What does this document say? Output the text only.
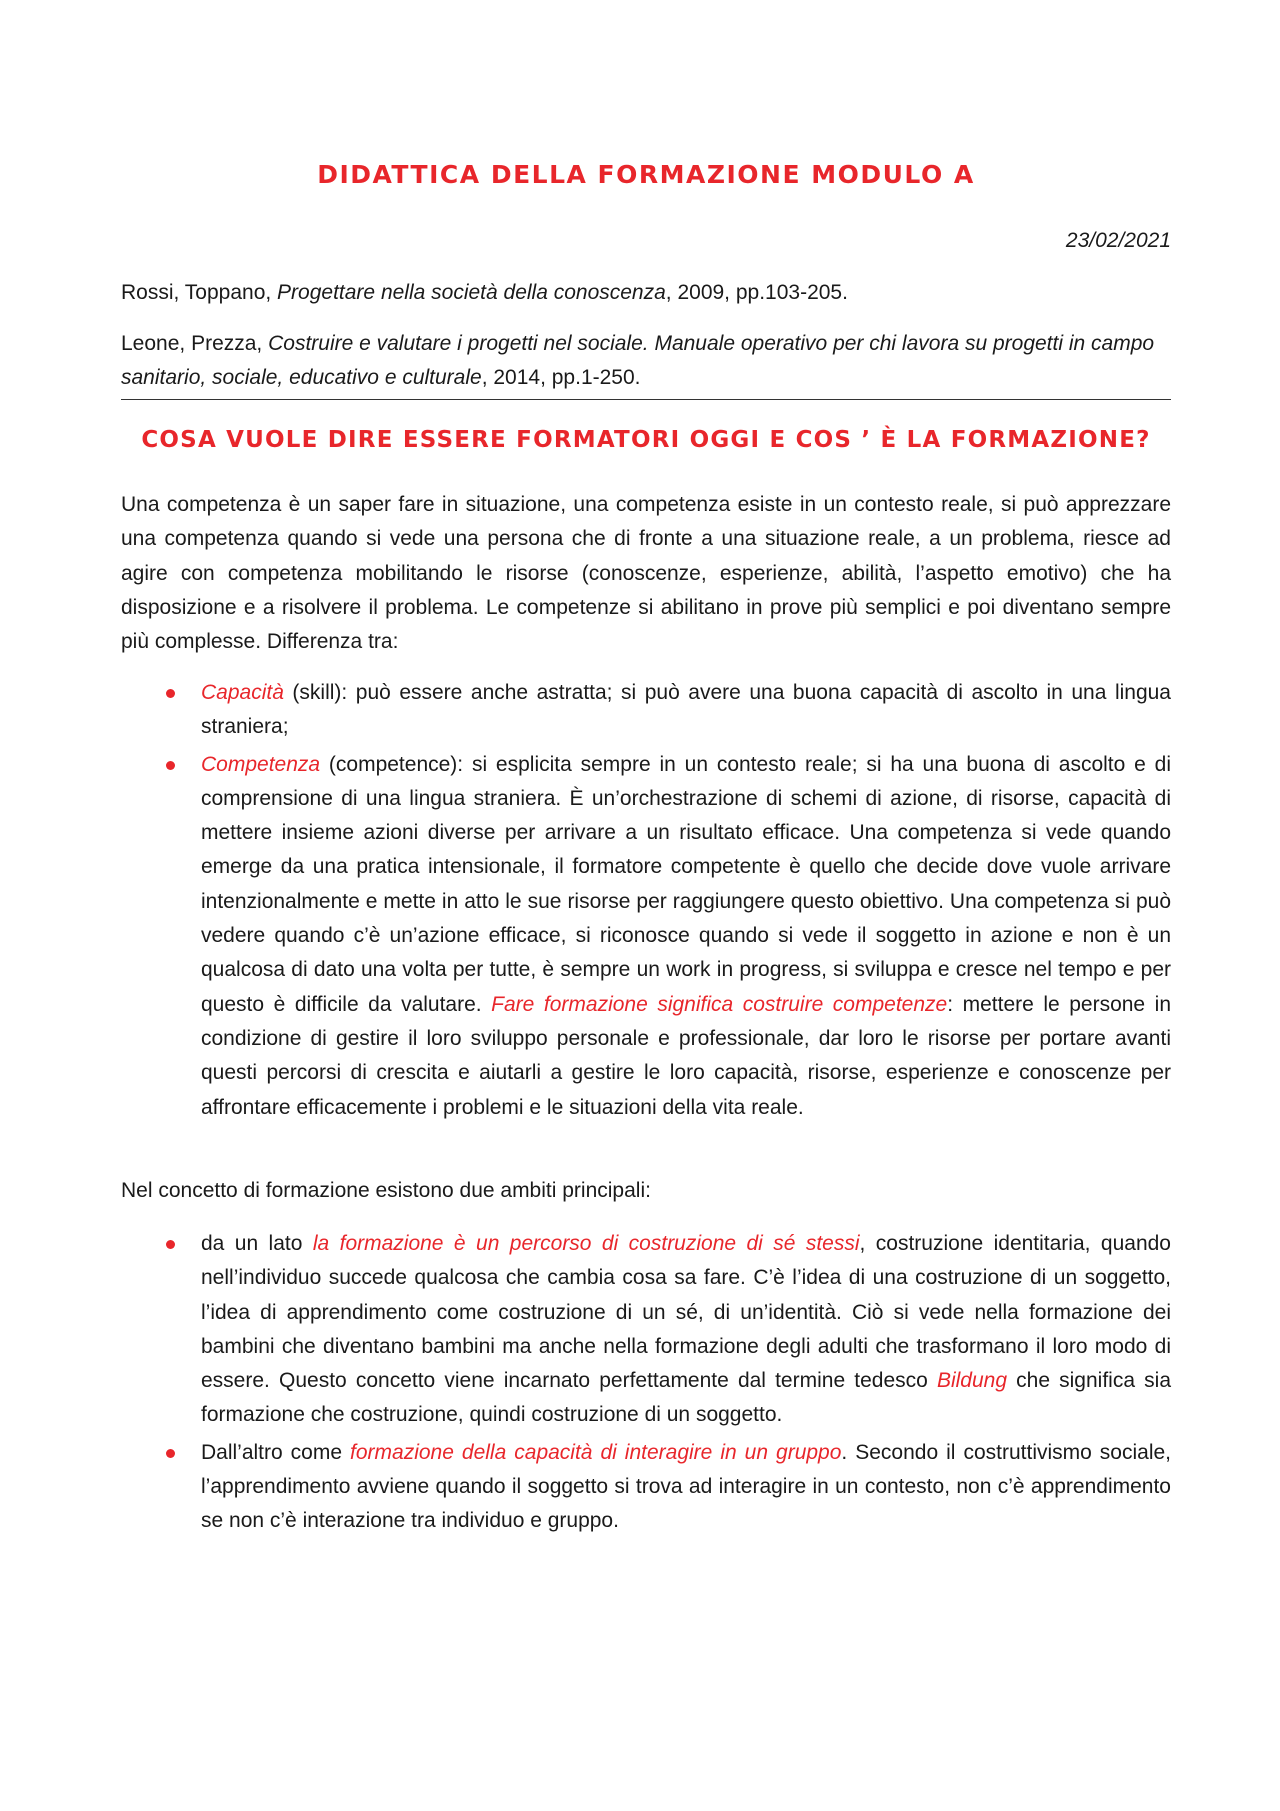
DIDATTICA DELLA FORMAZIONE MODULO A
23/02/2021
Rossi, Toppano, Progettare nella società della conoscenza, 2009, pp.103-205.
Leone, Prezza, Costruire e valutare i progetti nel sociale. Manuale operativo per chi lavora su progetti in campo sanitario, sociale, educativo e culturale, 2014, pp.1-250.
COSA VUOLE DIRE ESSERE FORMATORI OGGI E COS ’ È LA FORMAZIONE?
Una competenza è un saper fare in situazione, una competenza esiste in un contesto reale, si può apprezzare una competenza quando si vede una persona che di fronte a una situazione reale, a un problema, riesce ad agire con competenza mobilitando le risorse (conoscenze, esperienze, abilità, l’aspetto emotivo) che ha disposizione e a risolvere il problema. Le competenze si abilitano in prove più semplici e poi diventano sempre più complesse. Differenza tra:
Capacità (skill): può essere anche astratta; si può avere una buona capacità di ascolto in una lingua straniera;
Competenza (competence): si esplicita sempre in un contesto reale; si ha una buona di ascolto e di comprensione di una lingua straniera. È un’orchestrazione di schemi di azione, di risorse, capacità di mettere insieme azioni diverse per arrivare a un risultato efficace. Una competenza si vede quando emerge da una pratica intensionale, il formatore competente è quello che decide dove vuole arrivare intenzionalmente e mette in atto le sue risorse per raggiungere questo obiettivo. Una competenza si può vedere quando c’è un’azione efficace, si riconosce quando si vede il soggetto in azione e non è un qualcosa di dato una volta per tutte, è sempre un work in progress, si sviluppa e cresce nel tempo e per questo è difficile da valutare. Fare formazione significa costruire competenze: mettere le persone in condizione di gestire il loro sviluppo personale e professionale, dar loro le risorse per portare avanti questi percorsi di crescita e aiutarli a gestire le loro capacità, risorse, esperienze e conoscenze per affrontare efficacemente i problemi e le situazioni della vita reale.
Nel concetto di formazione esistono due ambiti principali:
da un lato la formazione è un percorso di costruzione di sé stessi, costruzione identitaria, quando nell’individuo succede qualcosa che cambia cosa sa fare. C’è l’idea di una costruzione di un soggetto, l’idea di apprendimento come costruzione di un sé, di un’identità. Ciò si vede nella formazione dei bambini che diventano bambini ma anche nella formazione degli adulti che trasformano il loro modo di essere. Questo concetto viene incarnato perfettamente dal termine tedesco Bildung che significa sia formazione che costruzione, quindi costruzione di un soggetto.
Dall’altro come formazione della capacità di interagire in un gruppo. Secondo il costruttivismo sociale, l’apprendimento avviene quando il soggetto si trova ad interagire in un contesto, non c’è apprendimento se non c’è interazione tra individuo e gruppo.
